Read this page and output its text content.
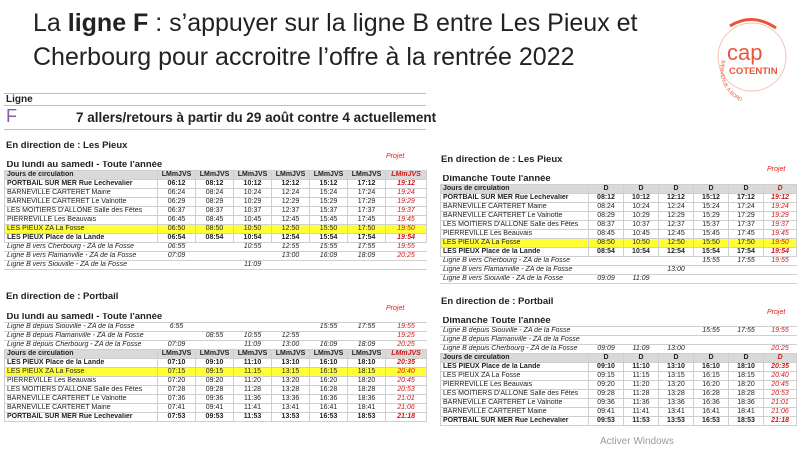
La ligne F : s’appuyer sur la ligne B entre Les Pieux et Cherbourg pour accroitre l’offre à la rentrée 2022	cap
COTENTIN
BIENVENUE À BORD
Ligne
F	7 allers/retours à partir du 29 août contre 4 actuellement
En direction de : Les Pieux
Projet	En direction de : Les Pieux
Projet
En direction de : Portbail
Projet
En direction de : Portbail
Projet
Du lundi au samedi - Toute l'année							
Jours de circulation	LMmJVS	LMmJVS	LMmJVS	LMmJVS	LMmJVS	LMmJVS	LMmJVS
PORTBAIL SUR MER Rue Lechevalier	06:12	08:12	10:12	12:12	15:12	17:12	19:12
BARNEVILLE CARTERET Mairie	06:24	08:24	10:24	12:24	15:24	17:24	19:24
BARNEVILLE CARTERET Le Valnotte	06:29	08:29	10:29	12:29	15:29	17:29	19:29
LES MOITIERS D'ALLONE Salle des Fêtes	06:37	08:37	10:37	12:37	15:37	17:37	19:37
PIERREVILLE Les Beauvais	06:45	08:45	10:45	12:45	15:45	17:45	19:45
LES PIEUX ZA La Fosse	06:50	08:50	10:50	12:50	15:50	17:50	19:50
LES PIEUX Place de la Lande	06:54	08:54	10:54	12:54	15:54	17:54	19:54
Ligne B vers Cherbourg - ZA de la Fosse	06:55		10:55	12:55	15:55	17:55	19:55
Ligne B vers Flamanville - ZA de la Fosse	07:09			13:00	16:09	18:09	20:25
Ligne B vers Siouville - ZA de la Fosse			11:09				
Dimanche Toute l'année						
Jours de circulation	D	D	D	D	D	D
PORTBAIL SUR MER Rue Lechevalier	08:12	10:12	12:12	15:12	17:12	19:12
BARNEVILLE CARTERET Mairie	08:24	10:24	12:24	15:24	17:24	19:24
BARNEVILLE CARTERET Le Valnotte	08:29	10:29	12:29	15:29	17:29	19:29
LES MOITIERS D'ALLONE Salle des Fêtes	08:37	10:37	12:37	15:37	17:37	19:37
PIERREVILLE Les Beauvais	08:45	10:45	12:45	15:45	17:45	19:45
LES PIEUX ZA La Fosse	08:50	10:50	12:50	15:50	17:50	19:50
LES PIEUX Place de la Lande	08:54	10:54	12:54	15:54	17:54	19:54
Ligne B vers Cherbourg - ZA de la Fosse				15:55	17:55	19:55
Ligne B vers Flamanville - ZA de la Fosse			13:00			
Ligne B vers Siouville - ZA de la Fosse	09:09	11:09				
Du lundi au samedi - Toute l'année							
Ligne B depuis Siouville - ZA de la Fosse	6:55				15:55	17:55	19:55
Ligne B depuis Flamanville - ZA de la Fosse		08:55	10:55	12:55			19:25
Ligne B depuis Cherbourg - ZA de la Fosse	07:09		11:09	13:00	16:09	18:09	20:25
Jours de circulation	LMmJVS	LMmJVS	LMmJVS	LMmJVS	LMmJVS	LMmJVS	LMmJVS
LES PIEUX Place de la Lande	07:10	09:10	11:10	13:10	16:10	18:10	20:35
LES PIEUX ZA La Fosse	07:15	09:15	11:15	13:15	16:15	18:15	20:40
PIERREVILLE Les Beauvais	07:20	09:20	11:20	13:20	16:20	18:20	20:45
LES MOITIERS D'ALLONE Salle des Fêtes	07:28	09:28	11:28	13:28	16:28	18:28	20:53
BARNEVILLE CARTERET Le Valnotte	07:36	09:36	11:36	13:36	16:36	18:36	21:01
BARNEVILLE CARTERET Mairie	07:41	09:41	11:41	13:41	16:41	18:41	21:06
PORTBAIL SUR MER Rue Lechevalier	07:53	09:53	11:53	13:53	16:53	18:53	21:18
Dimanche Toute l'année						
Ligne B depuis Siouville - ZA de la Fosse				15:55	17:55	19:55
Ligne B depuis Flamanville - ZA de la Fosse						
Ligne B depuis Cherbourg - ZA de la Fosse	09:09	11:09	13:00			20:25
Jours de circulation	D	D	D	D	D	D
LES PIEUX Place de la Lande	09:10	11:10	13:10	16:10	18:10	20:35
LES PIEUX ZA La Fosse	09:15	11:15	13:15	16:15	18:15	20:40
PIERREVILLE Les Beauvais	09:20	11:20	13:20	16:20	18:20	20:45
LES MOITIERS D'ALLONE Salle des Fêtes	09:28	11:28	13:28	16:28	18:28	20:53
BARNEVILLE CARTERET Le Valnotte	09:36	11:36	13:36	16:36	18:36	21:01
BARNEVILLE CARTERET Mairie	09:41	11:41	13:41	16:41	18:41	21:06
PORTBAIL SUR MER Rue Lechevalier	09:53	11:53	13:53	16:53	18:53	21:18
Activer Windows
